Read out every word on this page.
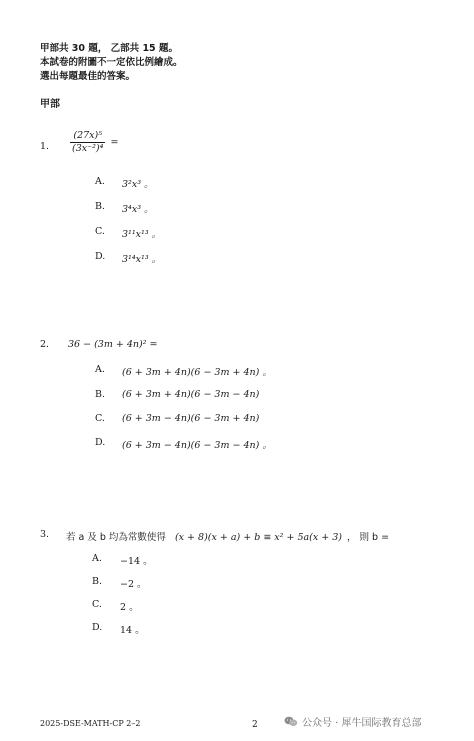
甲部共 30 題， 乙部共 15 題。
本試卷的附圖不一定依比例繪成。
選出每題最佳的答案。
甲部
1. $\frac{\text{(27x)⁵}}{\text{(3x⁻²)⁴}}$ =
A. 3²x³ 。
B. 3⁴x³ 。
C. 3¹¹x¹³ 。
D. 3¹⁴x¹³ 。
2. 36 − (3m + 4n)² =
A. (6 + 3m + 4n)(6 − 3m + 4n) 。
B. (6 + 3m + 4n)(6 − 3m − 4n)
C. (6 + 3m − 4n)(6 − 3m + 4n)
D. (6 + 3m − 4n)(6 − 3m − 4n) 。
3. 若 a 及 b 均為常數使得 (x + 8)(x + a) + b ≡ x² + 5a(x + 3) ， 則 b =
A. −14 。
B. −2 。
C. 2 。
D. 14 。
2025-DSE-MATH-CP 2–2	2	公众号 · 犀牛国际教育总部
